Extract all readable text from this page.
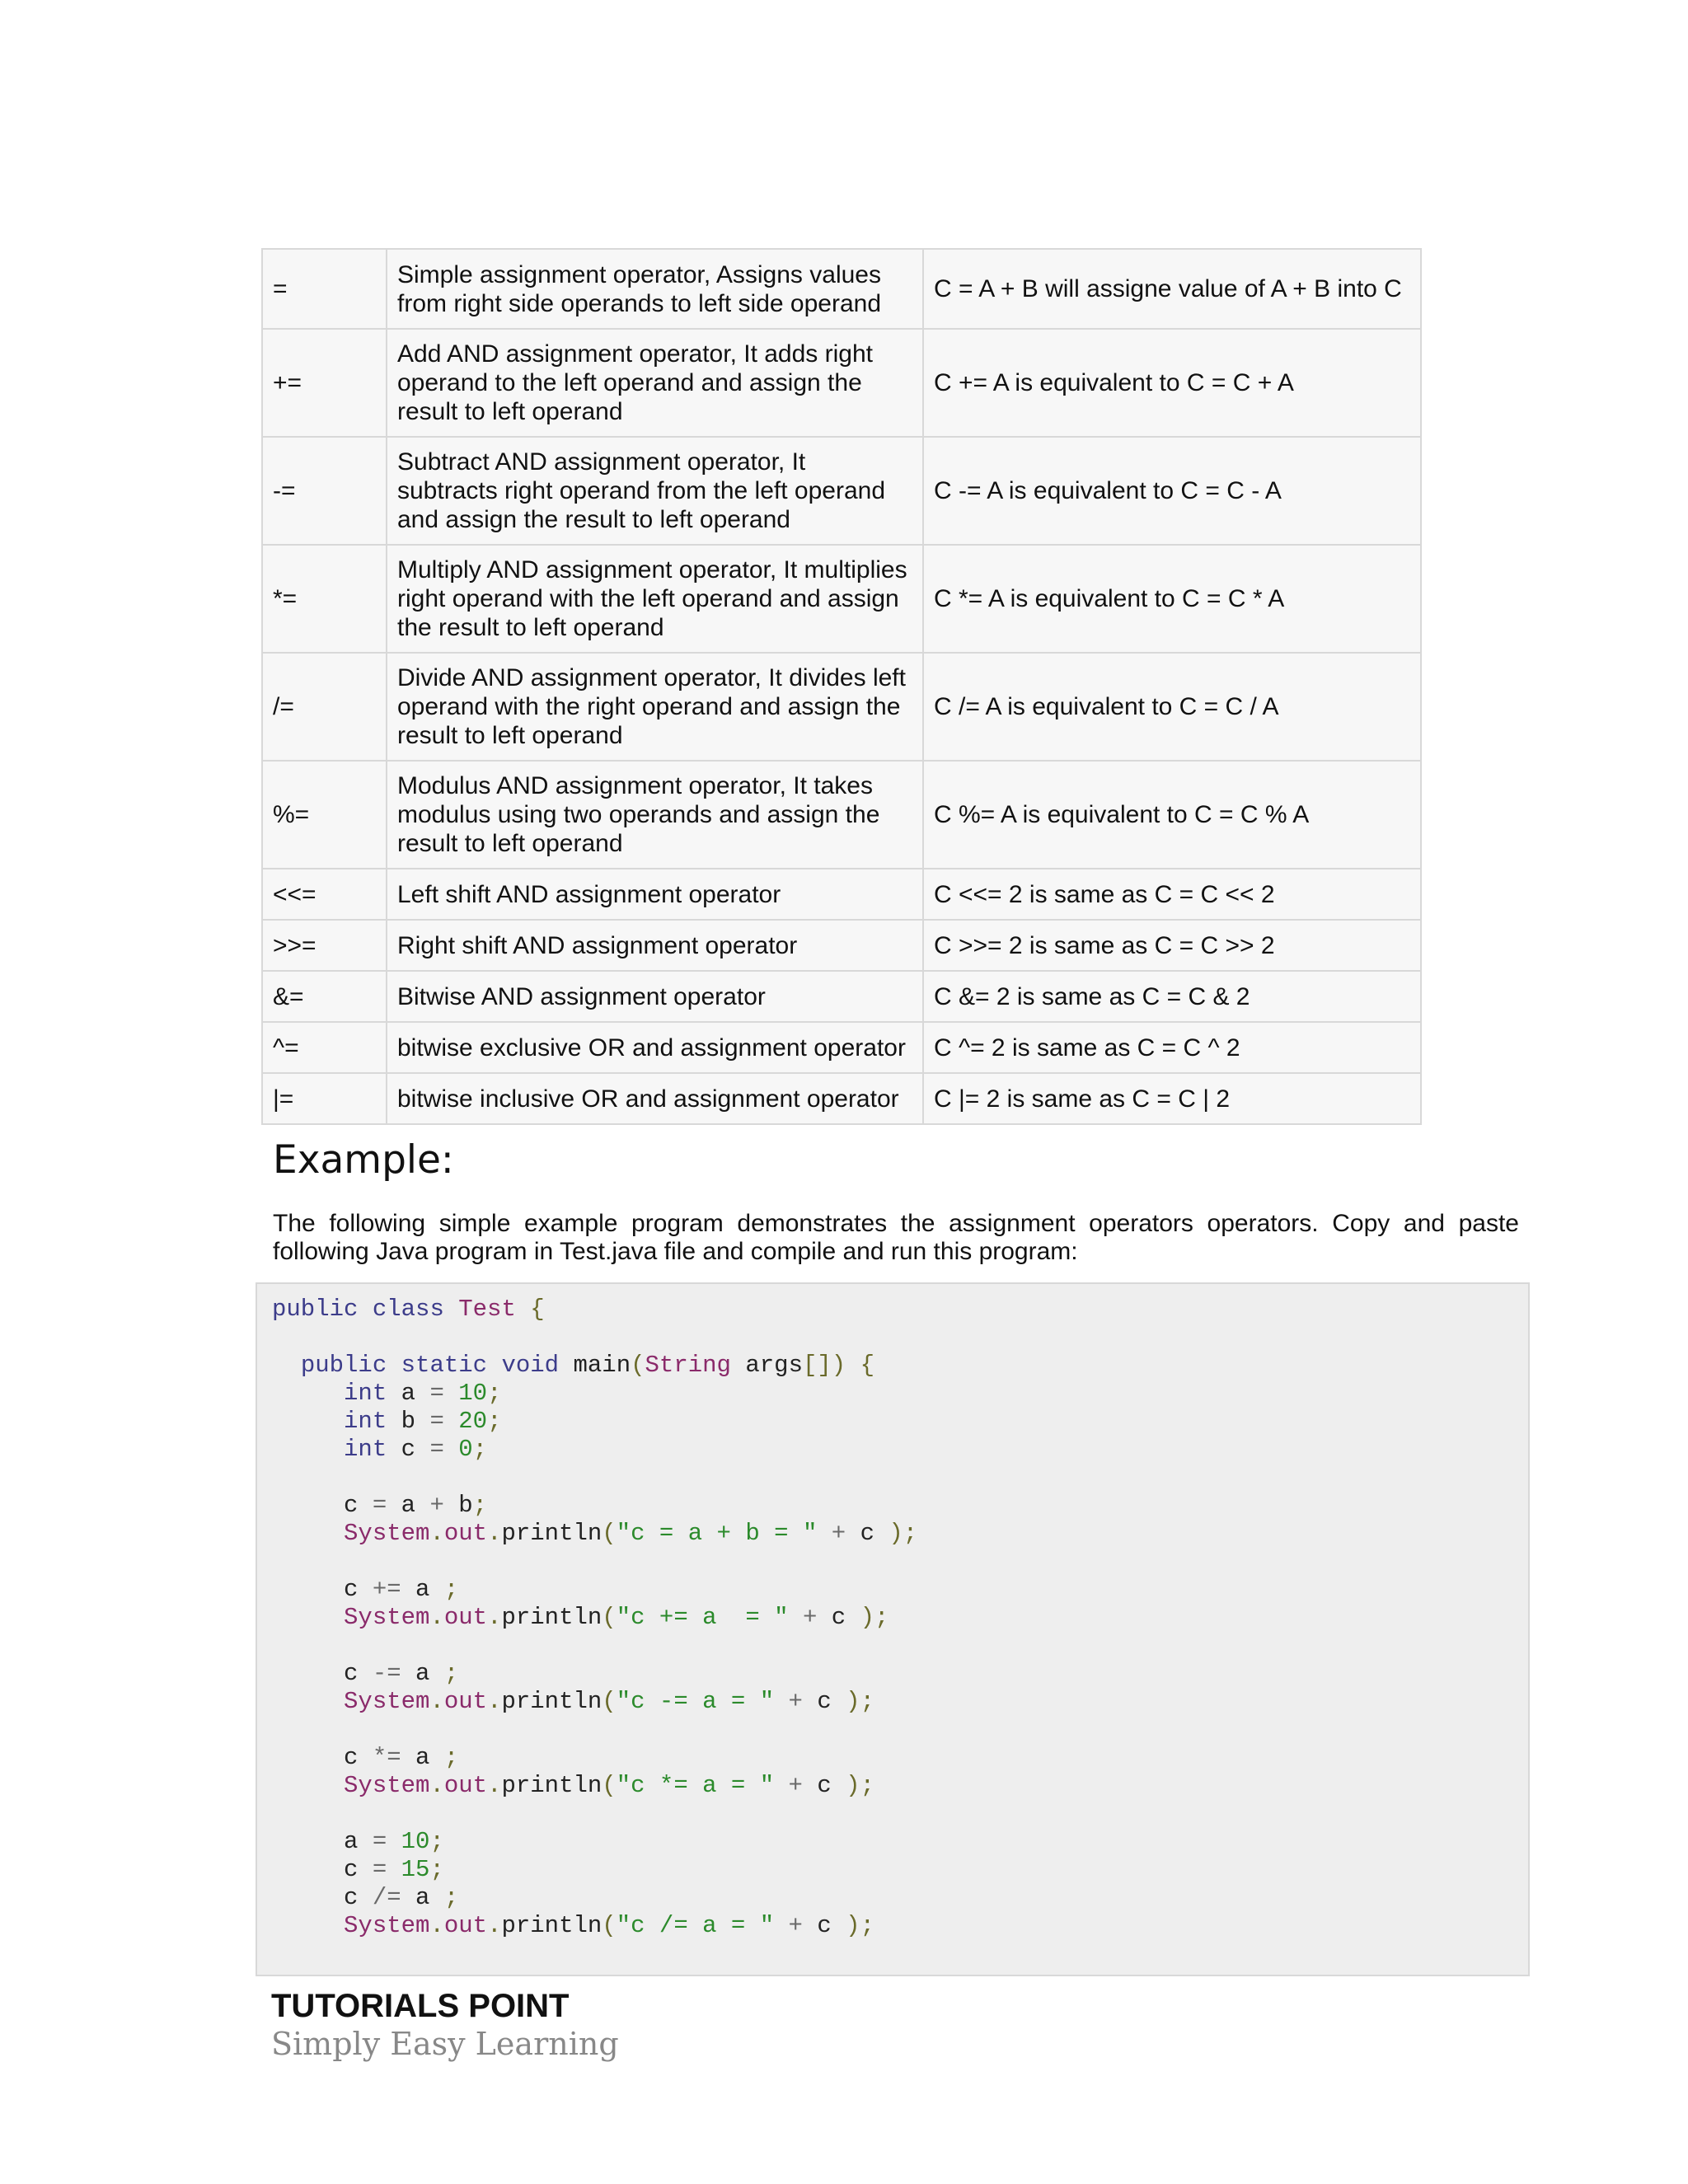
=	Simple assignment operator, Assigns values from right side operands to left side operand	C = A + B will assigne value of A + B into C
+=	Add AND assignment operator, It adds right operand to the left operand and assign the result to left operand	C += A is equivalent to C = C + A
-=	Subtract AND assignment operator, It subtracts right operand from the left operand and assign the result to left operand	C -= A is equivalent to C = C - A
*=	Multiply AND assignment operator, It multiplies right operand with the left operand and assign the result to left operand	C *= A is equivalent to C = C * A
/=	Divide AND assignment operator, It divides left operand with the right operand and assign the result to left operand	C /= A is equivalent to C = C / A
%=	Modulus AND assignment operator, It takes modulus using two operands and assign the result to left operand	C %= A is equivalent to C = C % A
<<=	Left shift AND assignment operator	C <<= 2 is same as C = C << 2
>>=	Right shift AND assignment operator	C >>= 2 is same as C = C >> 2
&=	Bitwise AND assignment operator	C &= 2 is same as C = C & 2
^=	bitwise exclusive OR and assignment operator	C ^= 2 is same as C = C ^ 2
|=	bitwise inclusive OR and assignment operator	C |= 2 is same as C = C | 2
Example:

The following simple example program demonstrates the assignment operators operators. Copy and paste following Java program in Test.java file and compile and run this program:

public class Test {
public static void main(String args[]) {
int a = 10;
int b = 20;
int c = 0;
c = a + b;
System.out.println("c = a + b = " + c );
c += a ;
System.out.println("c += a  = " + c );
c -= a ;
System.out.println("c -= a = " + c );
c *= a ;
System.out.println("c *= a = " + c );
a = 10;
c = 15;
c /= a ;
System.out.println("c /= a = " + c );

TUTORIALS POINT

Simply Easy Learning
